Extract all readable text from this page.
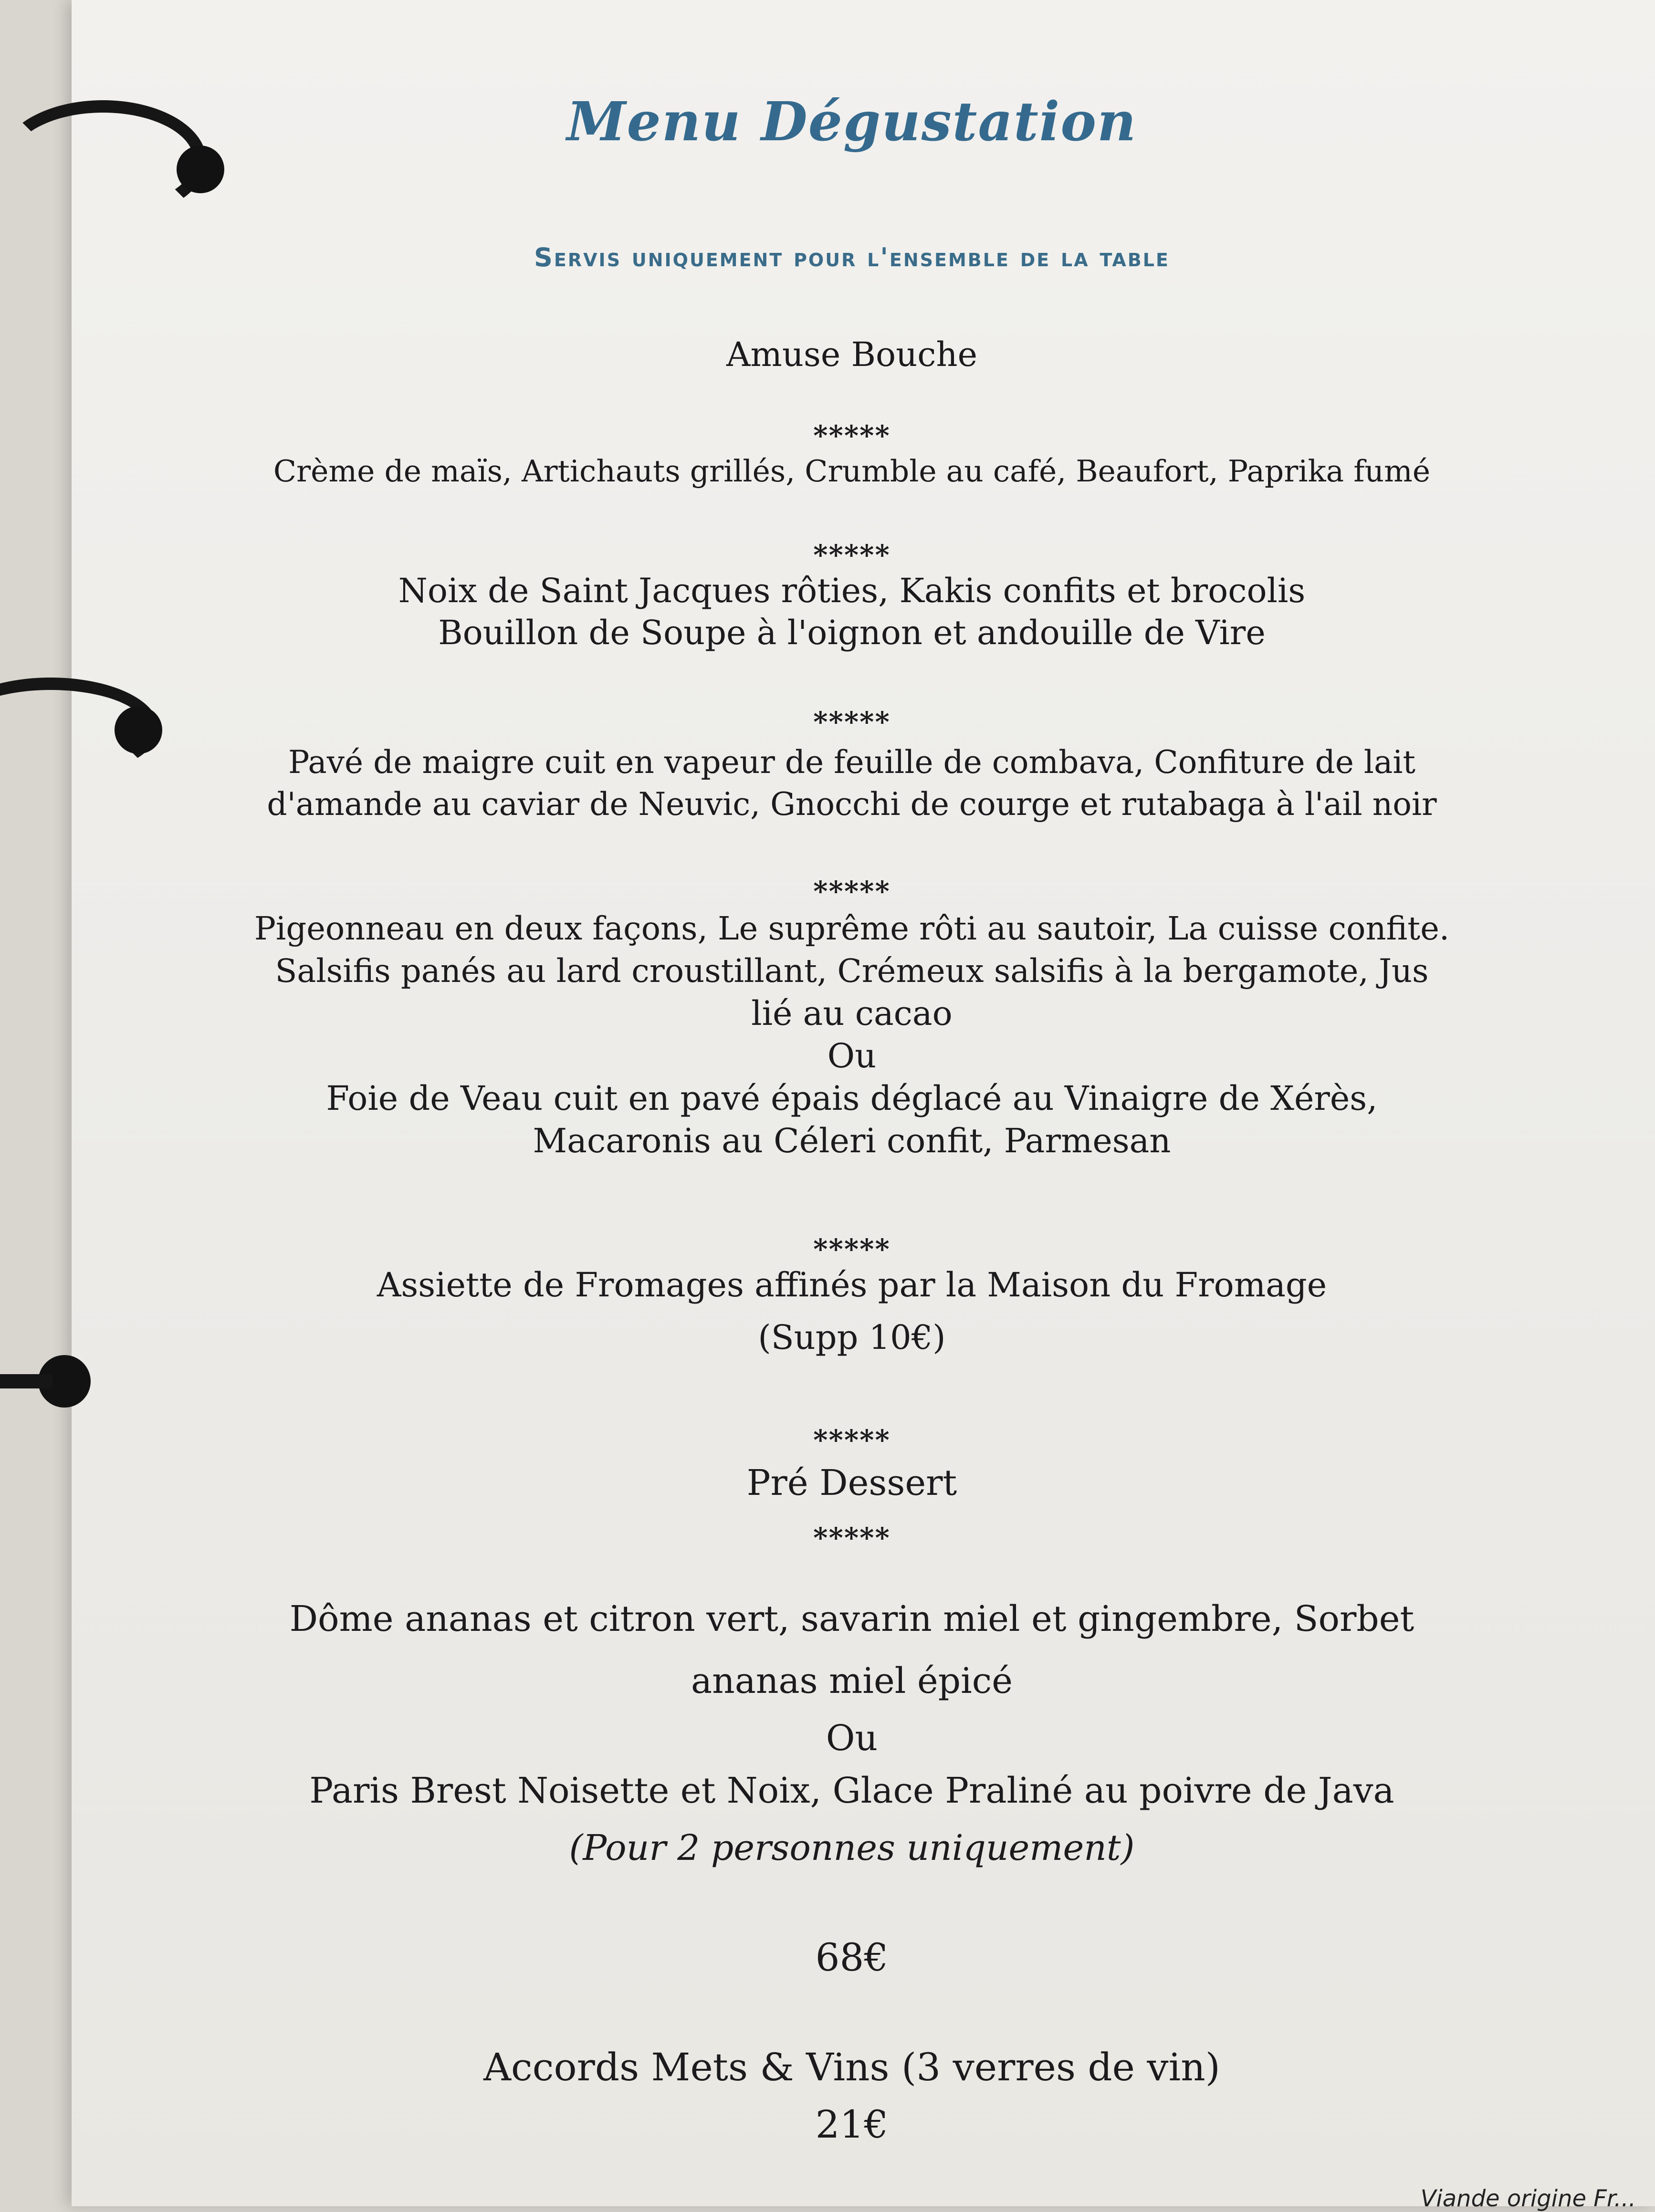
Menu Dégustation
Servis uniquement pour l'ensemble de la table
Amuse Bouche
*****
Crème de maïs, Artichauts grillés, Crumble au café, Beaufort, Paprika fumé
*****
Noix de Saint Jacques rôties, Kakis confits et brocolis
Bouillon de Soupe à l'oignon et andouille de Vire
*****
Pavé de maigre cuit en vapeur de feuille de combava, Confiture de lait
d'amande au caviar de Neuvic, Gnocchi de courge et rutabaga à l'ail noir
*****
Pigeonneau en deux façons, Le suprême rôti au sautoir, La cuisse confite.
Salsifis panés au lard croustillant, Crémeux salsifis à la bergamote, Jus
lié au cacao
Ou
Foie de Veau cuit en pavé épais déglacé au Vinaigre de Xérès,
Macaronis au Céleri confit, Parmesan
*****
Assiette de Fromages affinés par la Maison du Fromage
(Supp 10€)
*****
Pré Dessert
*****
Dôme ananas et citron vert, savarin miel et gingembre, Sorbet
ananas miel épicé
Ou
Paris Brest Noisette et Noix, Glace Praliné au poivre de Java
(Pour 2 personnes uniquement)
68€
Accords Mets & Vins (3 verres de vin)
21€
Viande origine Fr...
